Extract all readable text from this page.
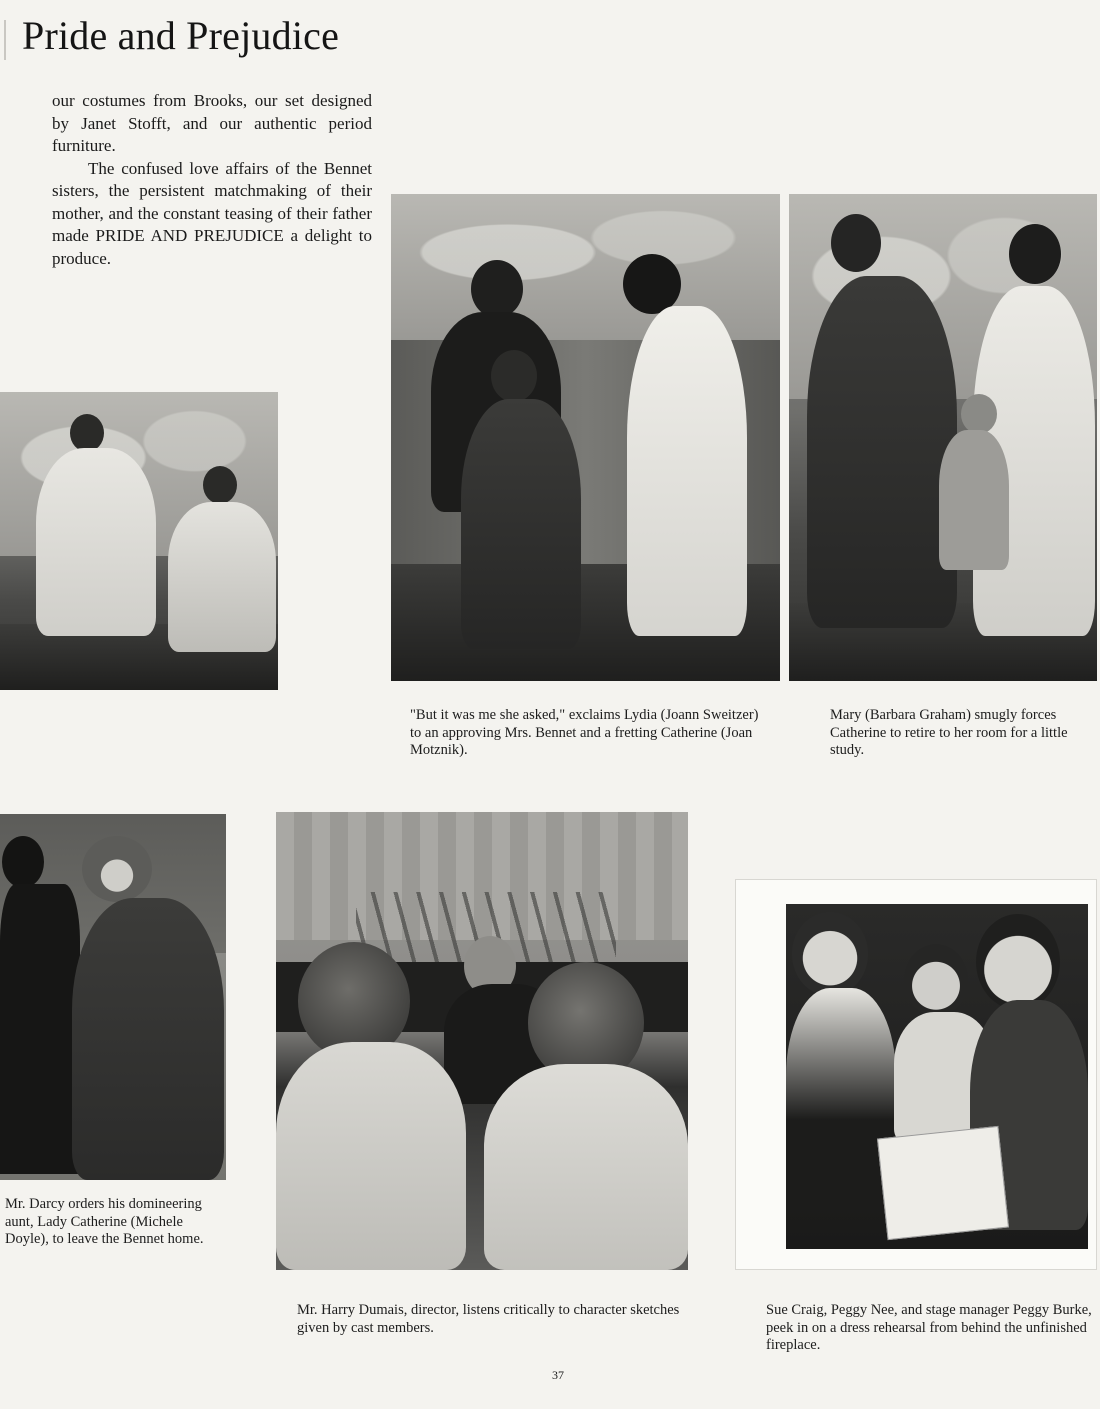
Pride and Prejudice

our costumes from Brooks, our set designed by Janet Stofft, and our authentic period furniture.

The confused love affairs of the Bennet sisters, the persistent matchmaking of their mother, and the constant teasing of their father made PRIDE AND PREJUDICE a delight to produce.

"But it was me she asked," exclaims Lydia (Joann Sweitzer) to an approving Mrs. Bennet and a fretting Catherine (Joan Motznik).

Mary (Barbara Graham) smugly forces Catherine to retire to her room for a little study.

Mr. Darcy orders his domineering aunt, Lady Catherine (Michele Doyle), to leave the Bennet home.

Mr. Harry Dumais, director, listens critically to character sketches given by cast members.

Sue Craig, Peggy Nee, and stage manager Peggy Burke, peek in on a dress rehearsal from behind the unfinished fireplace.

37
